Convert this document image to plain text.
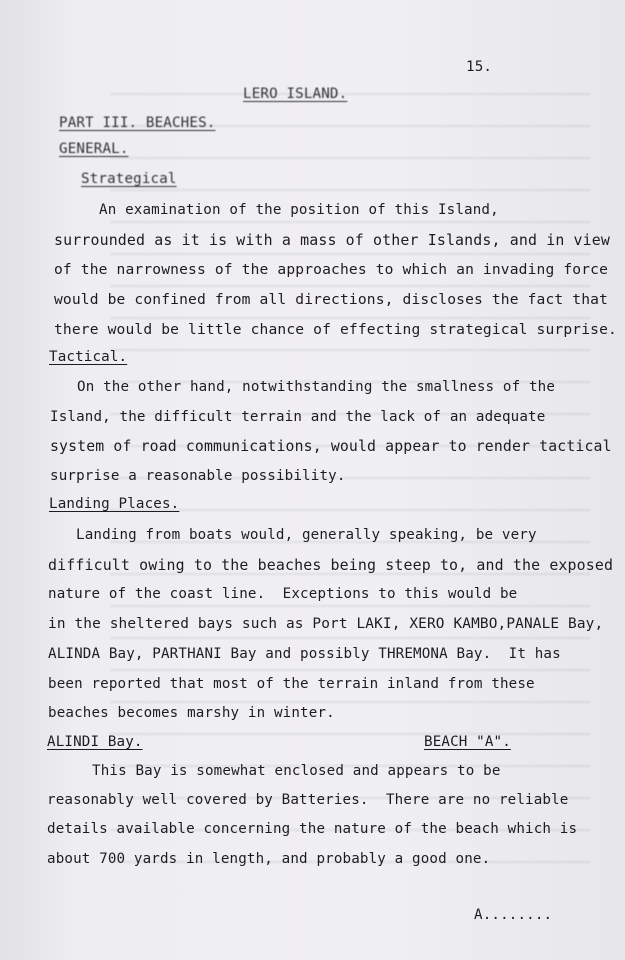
15.
LERO ISLAND.
PART III. BEACHES.
GENERAL.
Strategical
An examination of the position of this Island,
surrounded as it is with a mass of other Islands, and in view
of the narrowness of the approaches to which an invading force
would be confined from all directions, discloses the fact that
there would be little chance of effecting strategical surprise.
Tactical.
On the other hand, notwithstanding the smallness of the
Island, the difficult terrain and the lack of an adequate
system of road communications, would appear to render tactical
surprise a reasonable possibility.
Landing Places.
Landing from boats would, generally speaking, be very
difficult owing to the beaches being steep to, and the exposed
nature of the coast line.  Exceptions to this would be
in the sheltered bays such as Port LAKI, XERO KAMBO,PANALE Bay,
ALINDA Bay, PARTHANI Bay and possibly THREMONA Bay.  It has
been reported that most of the terrain inland from these
beaches becomes marshy in winter.
ALINDI Bay.	BEACH "A".
This Bay is somewhat enclosed and appears to be
reasonably well covered by Batteries.  There are no reliable
details available concerning the nature of the beach which is
about 700 yards in length, and probably a good one.
A........
